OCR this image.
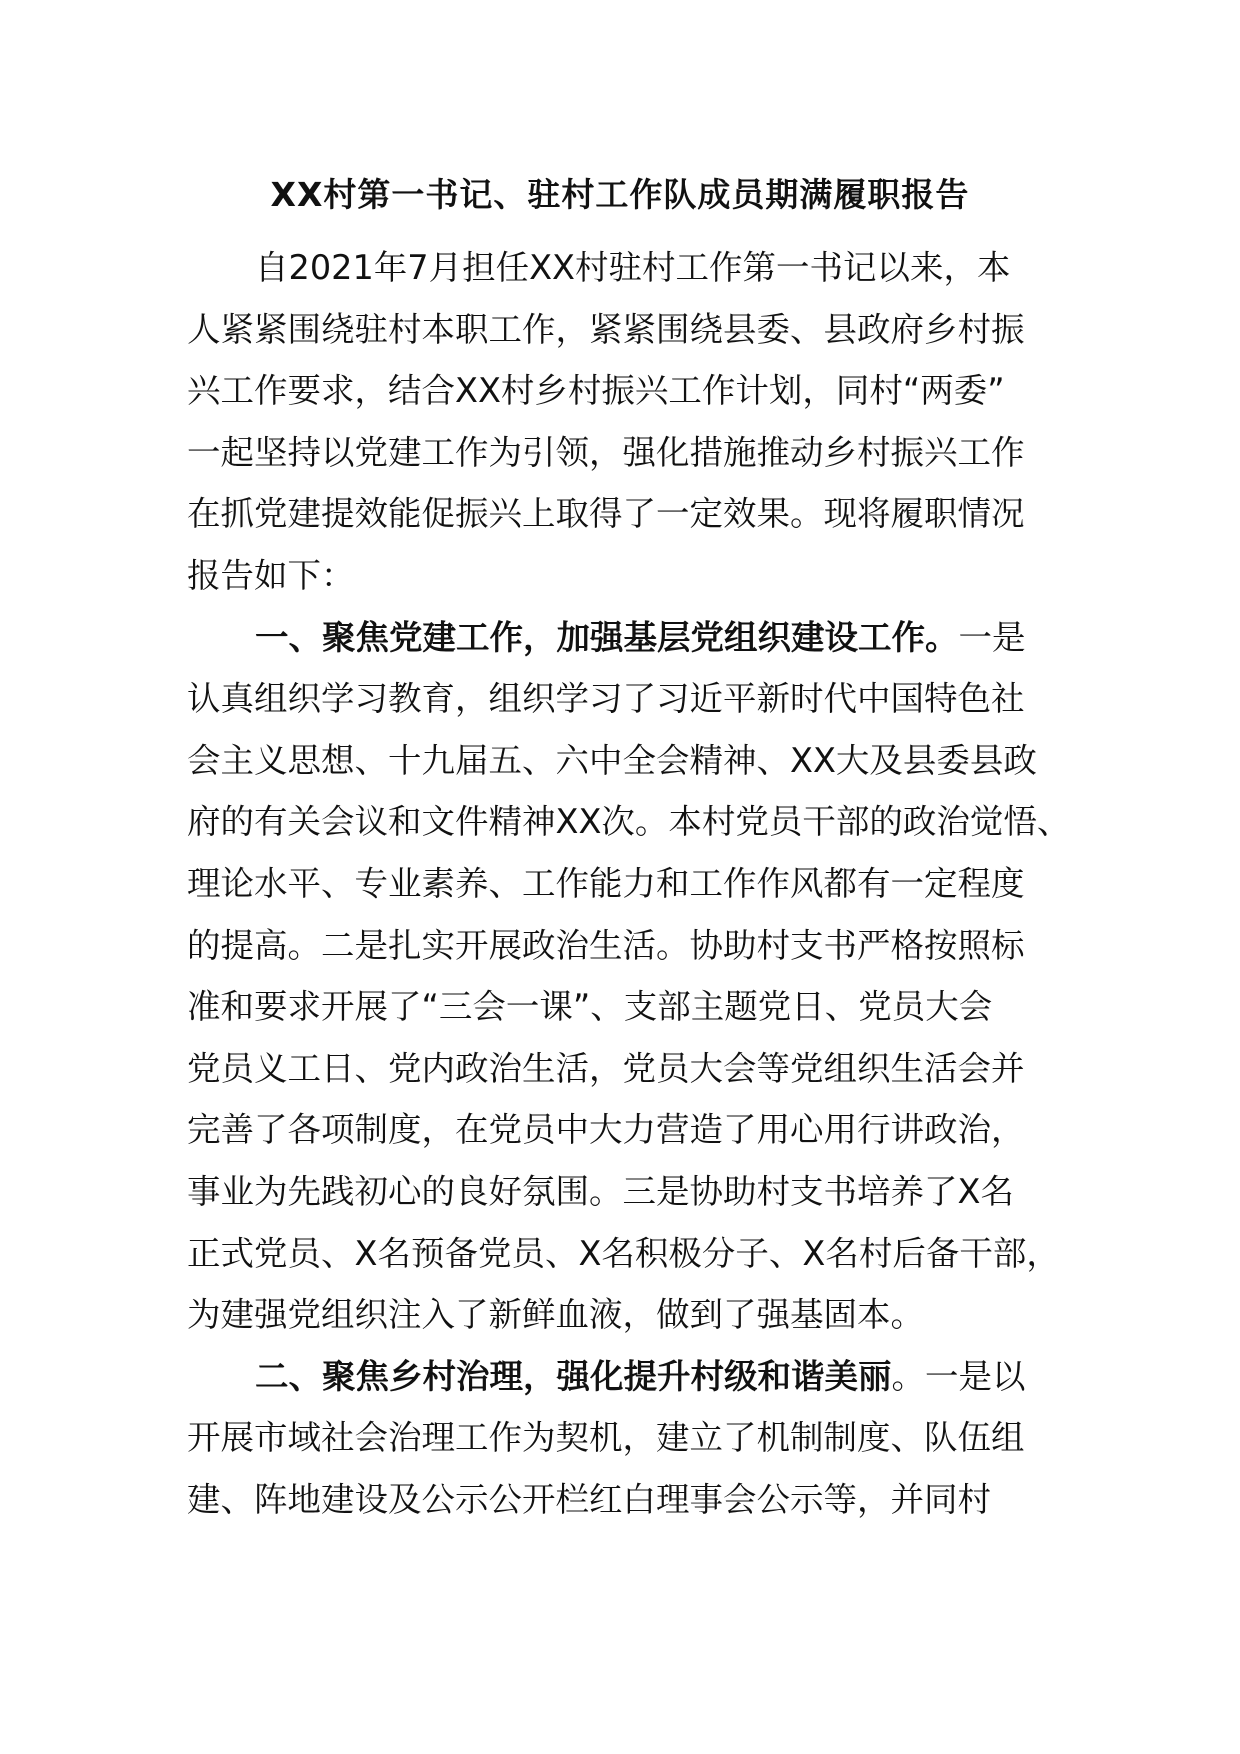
XX村第一书记、驻村工作队成员期满履职报告
自2021年7月担任XX村驻村工作第一书记以来，本
人紧紧围绕驻村本职工作，紧紧围绕县委、县政府乡村振
兴工作要求，结合XX村乡村振兴工作计划，同村“两委”
一起坚持以党建工作为引领，强化措施推动乡村振兴工作
在抓党建提效能促振兴上取得了一定效果。现将履职情况
报告如下：
一、聚焦党建工作，加强基层党组织建设工作。一是
认真组织学习教育，组织学习了习近平新时代中国特色社
会主义思想、十九届五、六中全会精神、XX大及县委县政
府的有关会议和文件精神XX次。本村党员干部的政治觉悟、
理论水平、专业素养、工作能力和工作作风都有一定程度
的提高。二是扎实开展政治生活。协助村支书严格按照标
准和要求开展了“三会一课”、支部主题党日、党员大会
党员义工日、党内政治生活，党员大会等党组织生活会并
完善了各项制度，在党员中大力营造了用心用行讲政治，
事业为先践初心的良好氛围。三是协助村支书培养了X名
正式党员、X名预备党员、X名积极分子、X名村后备干部，
为建强党组织注入了新鲜血液，做到了强基固本。
二、聚焦乡村治理，强化提升村级和谐美丽。一是以
开展市域社会治理工作为契机，建立了机制制度、队伍组
建、阵地建设及公示公开栏红白理事会公示等，并同村
